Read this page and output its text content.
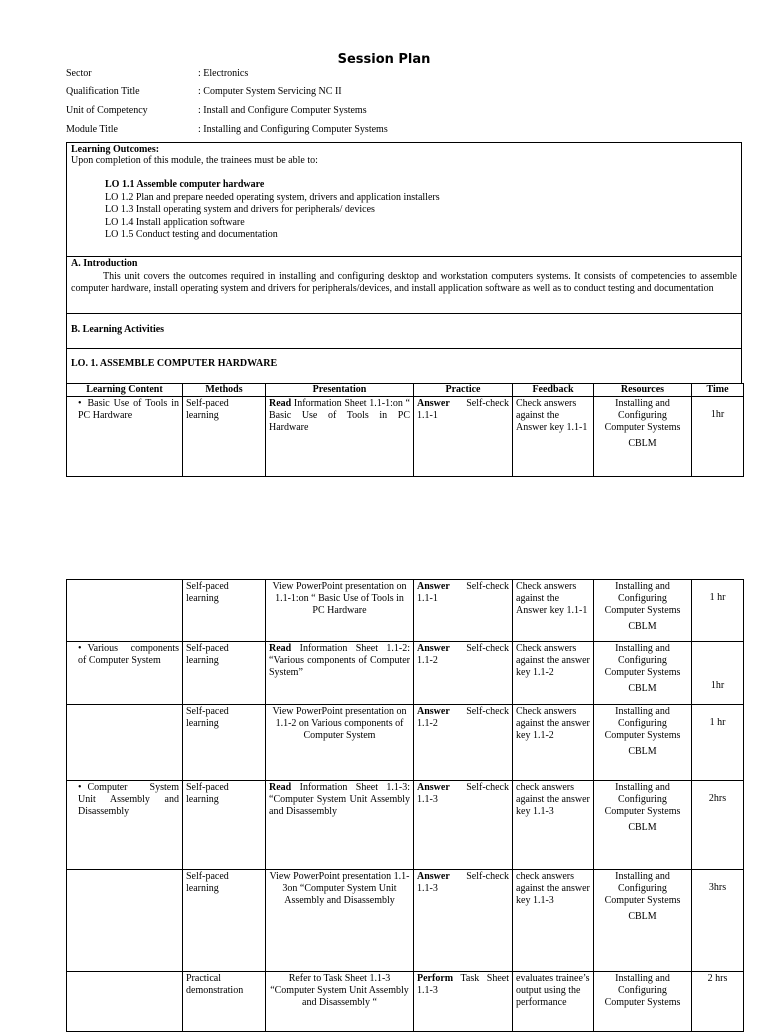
Session Plan
Sector	: Electronics
Qualification Title	: Computer System Servicing NC II
Unit of Competency	: Install and Configure Computer Systems
Module Title	: Installing and Configuring Computer Systems
Learning Outcomes:
Upon completion of this module, the trainees must be able to:
LO 1.1 Assemble computer hardware
LO 1.2 Plan and prepare needed operating system, drivers and application installers
LO 1.3 Install operating system and drivers for peripherals/ devices
LO 1.4 Install application software
LO 1.5 Conduct testing and documentation
A. Introduction
This unit covers the outcomes required in installing and configuring desktop and workstation computers systems. It consists of competencies to assemble computer hardware, install operating system and drivers for peripherals/devices, and install application software as well as to conduct testing and documentation
B. Learning Activities
LO. 1. ASSEMBLE COMPUTER HARDWARE
Learning Content	Methods	Presentation	Practice	Feedback	Resources	Time

• Basic Use of Tools in PC Hardware	Self-paced learning	Read Information Sheet 1.1-1:on “ Basic Use of Tools in PC Hardware	Answer Self-check 1.1-1	Check answers against the Answer key 1.1-1	Installing and Configuring Computer Systems
CBLM	1hr
	Self-paced learning	View PowerPoint presentation on 1.1-1:on “ Basic Use of Tools in PC Hardware	Answer Self-check 1.1-1	Check answers against the Answer key 1.1-1	Installing and Configuring Computer Systems
CBLM	1 hr

• Various components of Computer System	Self-paced learning	Read Information Sheet 1.1-2: “Various components of Computer System”	Answer Self-check 1.1-2	Check answers against the answer key 1.1-2	Installing and Configuring Computer Systems
CBLM	1hr
	Self-paced learning	View PowerPoint presentation on 1.1-2 on Various components of Computer System	Answer Self-check 1.1-2	Check answers against the answer key 1.1-2	Installing and Configuring Computer Systems
CBLM	1 hr

• Computer System Unit Assembly and Disassembly	Self-paced learning	Read Information Sheet 1.1-3: “Computer System Unit Assembly and Disassembly	Answer Self-check 1.1-3	check answers against the answer key 1.1-3	Installing and Configuring Computer Systems
CBLM	2hrs
	Self-paced learning	View PowerPoint presentation 1.1-3on “Computer System Unit Assembly and Disassembly	Answer Self-check 1.1-3	check answers against the answer key 1.1-3	Installing and Configuring Computer Systems
CBLM	3hrs
	Practical demonstration	Refer to Task Sheet 1.1-3 “Computer System Unit Assembly and Disassembly “	Perform Task Sheet 1.1-3	evaluates trainee’s output using the performance	Installing and Configuring Computer Systems	2 hrs
